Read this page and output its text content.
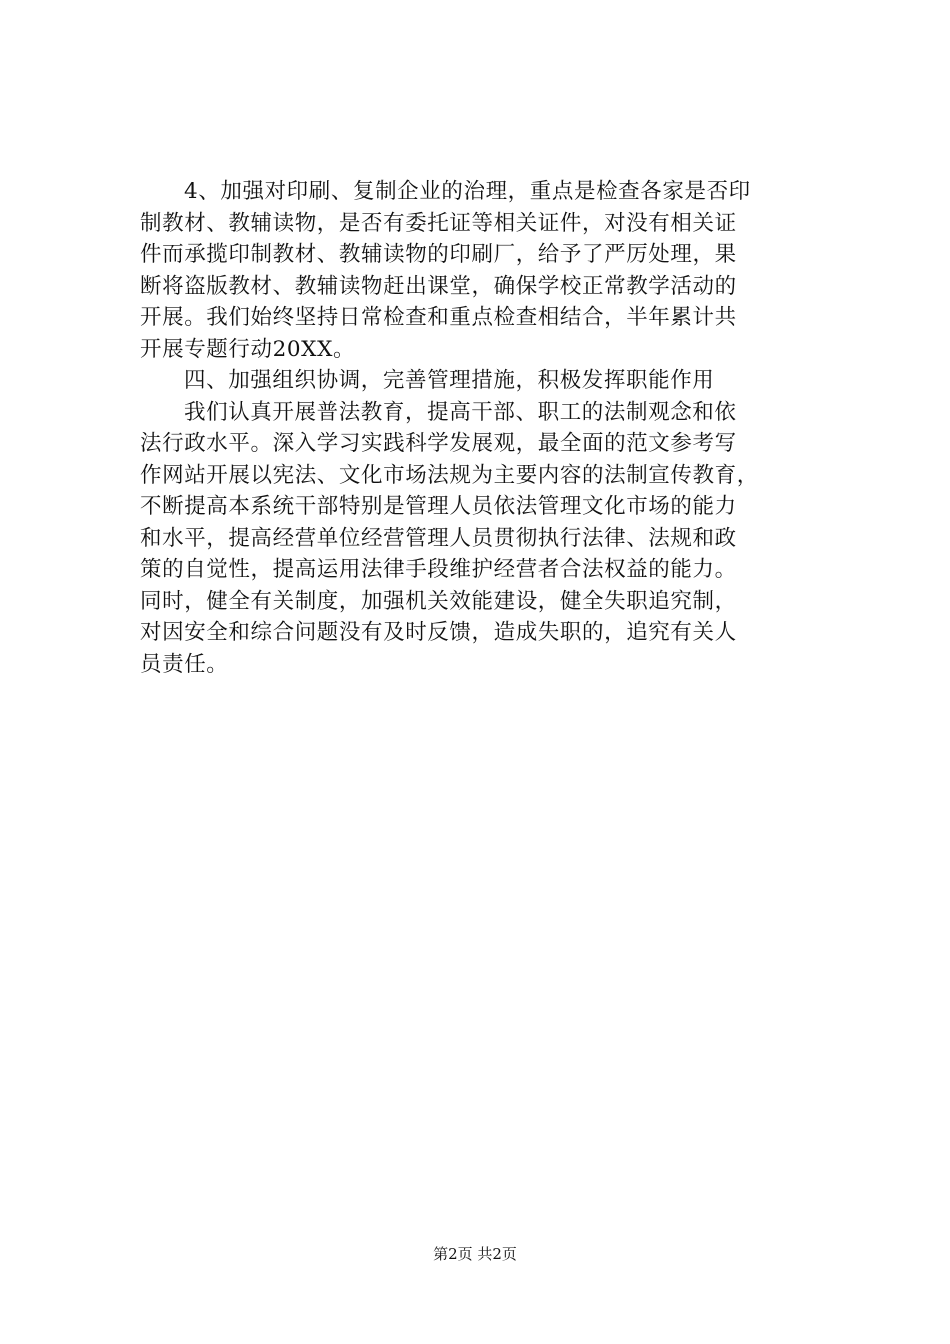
4、加强对印刷、复制企业的治理，重点是检查各家是否印
制教材、教辅读物，是否有委托证等相关证件，对没有相关证
件而承揽印制教材、教辅读物的印刷厂，给予了严厉处理，果
断将盗版教材、教辅读物赶出课堂，确保学校正常教学活动的
开展。我们始终坚持日常检查和重点检查相结合，半年累计共
开展专题行动20XX。
四、加强组织协调，完善管理措施，积极发挥职能作用
我们认真开展普法教育，提高干部、职工的法制观念和依
法行政水平。深入学习实践科学发展观，最全面的范文参考写
作网站开展以宪法、文化市场法规为主要内容的法制宣传教育，
不断提高本系统干部特别是管理人员依法管理文化市场的能力
和水平，提高经营单位经营管理人员贯彻执行法律、法规和政
策的自觉性，提高运用法律手段维护经营者合法权益的能力。
同时，健全有关制度，加强机关效能建设，健全失职追究制，
对因安全和综合问题没有及时反馈，造成失职的，追究有关人
员责任。
第2页 共2页
